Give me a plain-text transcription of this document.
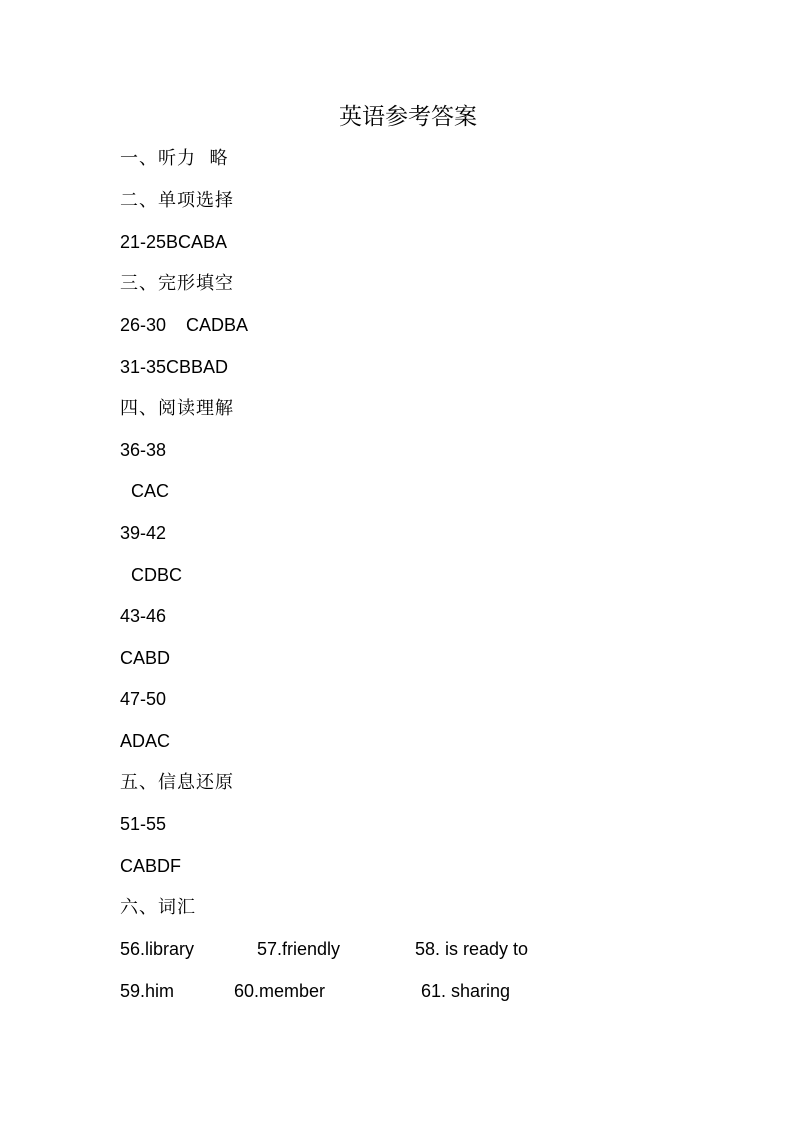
英语参考答案
一、听力  略
二、单项选择
21-25BCABA
三、完形填空
26-30    CADBA
31-35CBBAD
四、阅读理解
36-38
CAC
39-42
CDBC
43-46
CABD
47-50
ADAC
五、信息还原
51-55
CABDF
六、词汇
56.library	57.friendly	58. is ready to
59.him	60.member	61. sharing
